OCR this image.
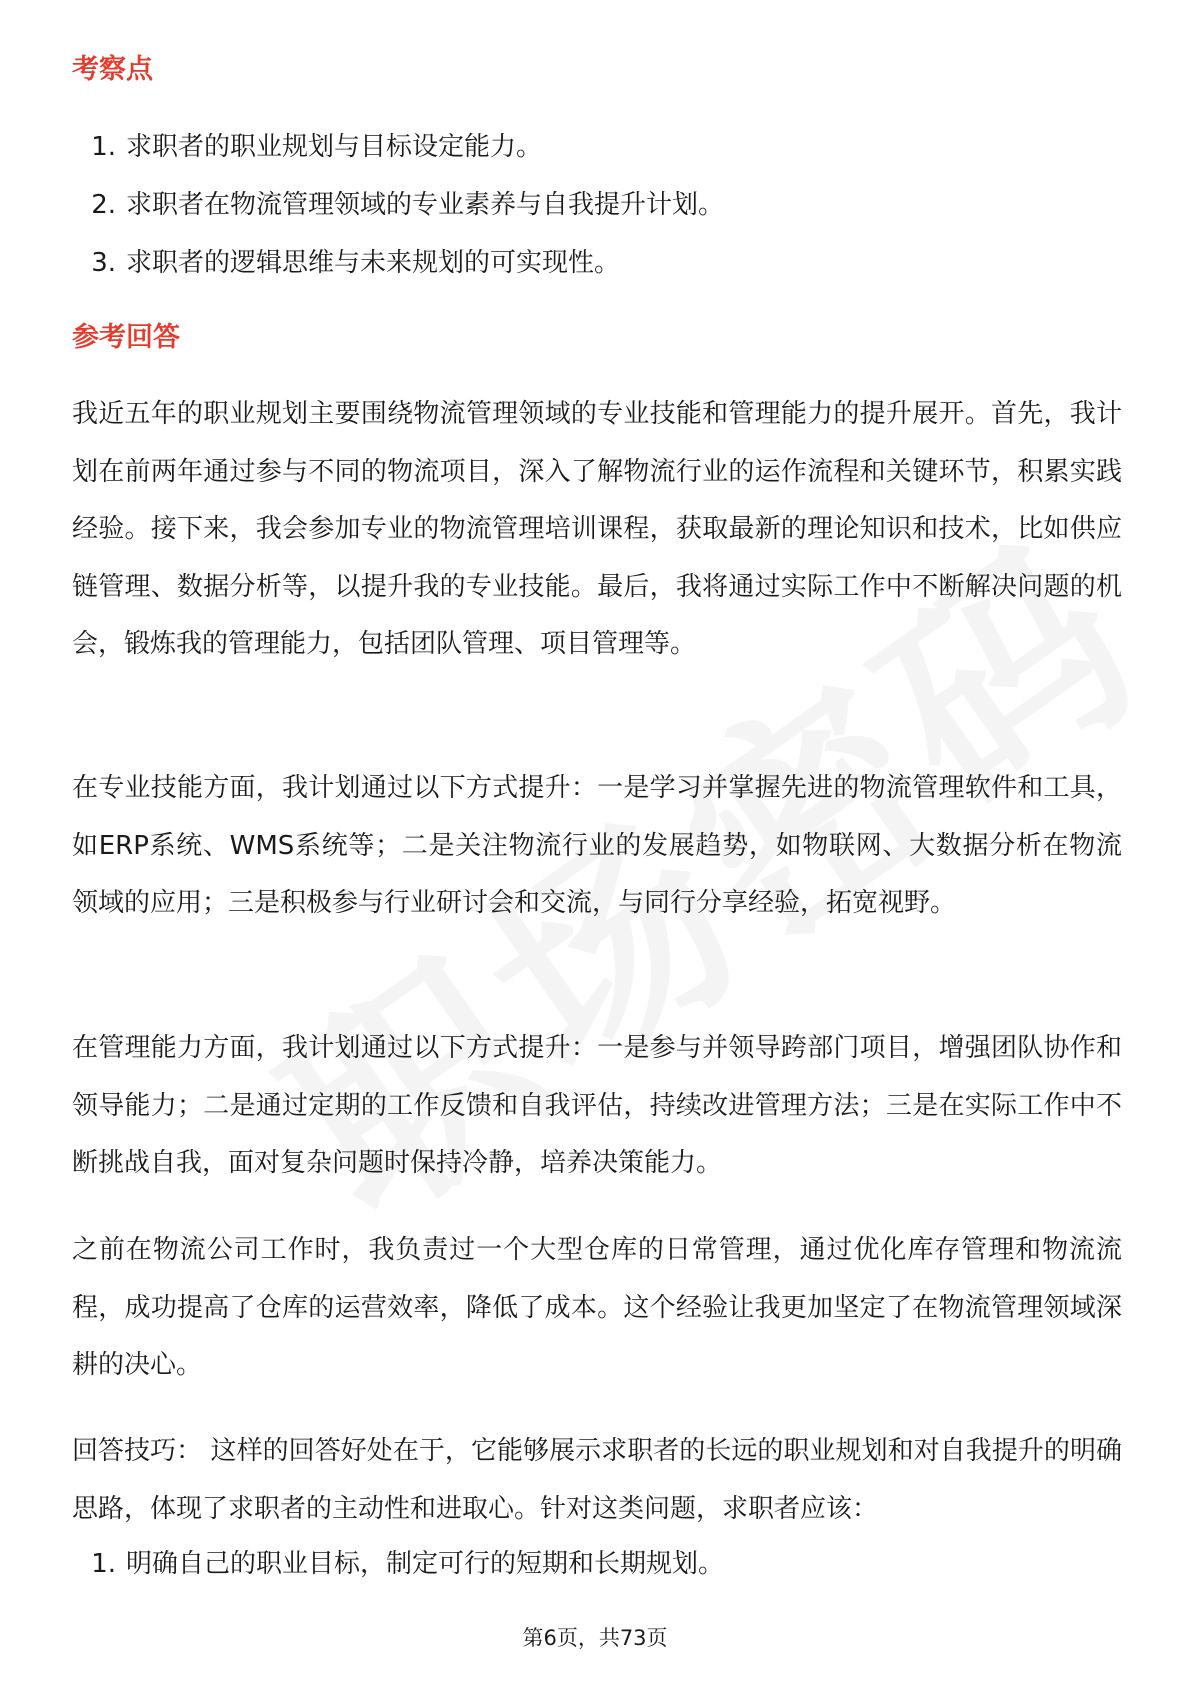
考察点
1. 求职者的职业规划与目标设定能力。
2. 求职者在物流管理领域的专业素养与自我提升计划。
3. 求职者的逻辑思维与未来规划的可实现性。
参考回答

我近五年的职业规划主要围绕物流管理领域的专业技能和管理能力的提升展开。首先，我计划在前两年通过参与不同的物流项目，深入了解物流行业的运作流程和关键环节，积累实践经验。接下来，我会参加专业的物流管理培训课程，获取最新的理论知识和技术，比如供应链管理、数据分析等，以提升我的专业技能。最后，我将通过实际工作中不断解决问题的机会，锻炼我的管理能力，包括团队管理、项目管理等。

在专业技能方面，我计划通过以下方式提升：一是学习并掌握先进的物流管理软件和工具，如ERP系统、WMS系统等；二是关注物流行业的发展趋势，如物联网、大数据分析在物流领域的应用；三是积极参与行业研讨会和交流，与同行分享经验，拓宽视野。

在管理能力方面，我计划通过以下方式提升：一是参与并领导跨部门项目，增强团队协作和领导能力；二是通过定期的工作反馈和自我评估，持续改进管理方法；三是在实际工作中不断挑战自我，面对复杂问题时保持冷静，培养决策能力。

之前在物流公司工作时，我负责过一个大型仓库的日常管理，通过优化库存管理和物流流程，成功提高了仓库的运营效率，降低了成本。这个经验让我更加坚定了在物流管理领域深耕的决心。

回答技巧： 这样的回答好处在于，它能够展示求职者的长远的职业规划和对自我提升的明确思路，体现了求职者的主动性和进取心。针对这类问题，求职者应该：

1. 明确自己的职业目标，制定可行的短期和长期规划。
第6页，共73页
